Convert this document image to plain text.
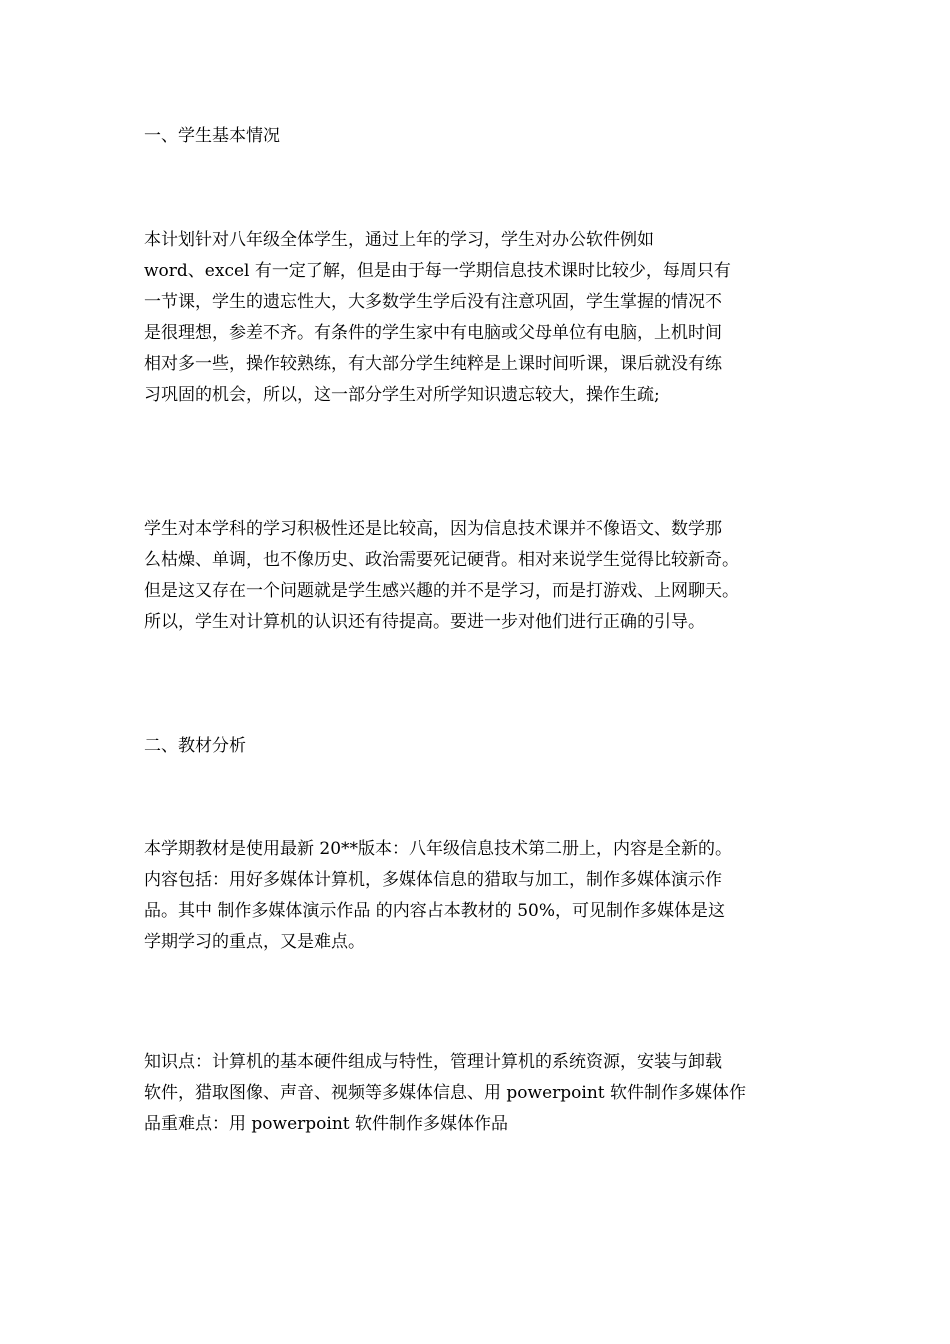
一、学生基本情况
本计划针对八年级全体学生，通过上年的学习，学生对办公软件例如
word、excel 有一定了解，但是由于每一学期信息技术课时比较少，每周只有
一节课，学生的遗忘性大，大多数学生学后没有注意巩固，学生掌握的情况不
是很理想，参差不齐。有条件的学生家中有电脑或父母单位有电脑，上机时间
相对多一些，操作较熟练，有大部分学生纯粹是上课时间听课，课后就没有练
习巩固的机会，所以，这一部分学生对所学知识遗忘较大，操作生疏;
学生对本学科的学习积极性还是比较高，因为信息技术课并不像语文、数学那
么枯燥、单调，也不像历史、政治需要死记硬背。相对来说学生觉得比较新奇。
但是这又存在一个问题就是学生感兴趣的并不是学习，而是打游戏、上网聊天。
所以，学生对计算机的认识还有待提高。要进一步对他们进行正确的引导。
二、教材分析
本学期教材是使用最新 20**版本：八年级信息技术第二册上，内容是全新的。
内容包括：用好多媒体计算机，多媒体信息的猎取与加工，制作多媒体演示作
品。其中 制作多媒体演示作品 的内容占本教材的 50%，可见制作多媒体是这
学期学习的重点，又是难点。
知识点：计算机的基本硬件组成与特性，管理计算机的系统资源，安装与卸载
软件，猎取图像、声音、视频等多媒体信息、用 powerpoint 软件制作多媒体作
品重难点：用 powerpoint 软件制作多媒体作品
